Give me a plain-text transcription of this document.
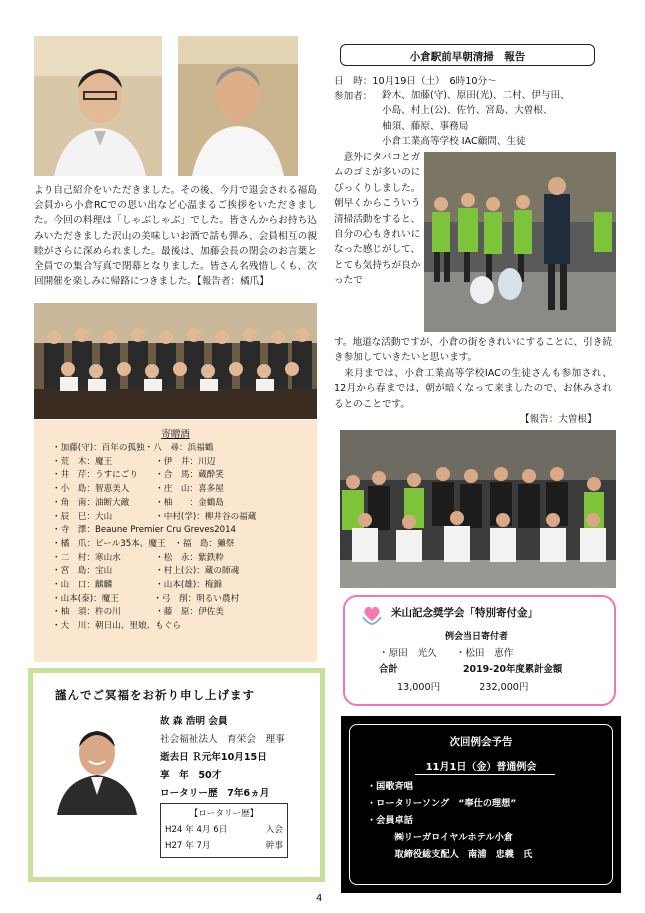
より自己紹介をいただきました。その後、今月で退会される福島会員から小倉RCでの思い出など心温まるご挨拶をいただきました。今回の料理は「しゃぶしゃぶ」でした。皆さんからお持ち込みいただきました沢山の美味しいお酒で話も弾み、会員相互の親睦がさらに深められました。最後は、加藤会長の閉会のお言葉と全員での集合写真で閉幕となりました。皆さん名残惜しくも、次回開催を楽しみに帰路につきました。【報告者：橘爪】
寄贈酒
・加藤(守)：百年の孤独・八　尋：浜福鶴
・荒　木：魔王　　　　　・伊　井：川辺
・井　芹：うすにごり　　・合　馬：蔵酔笑
・小　島：智恵美人　　　・庄　山：喜多屋
・角　南：油断大敵　　　・柚　　：金鶴島
・辰　巳：大山　　　　　・中村(学)：柳井谷の福蔵
・寺　澤：Beaune Premier Cru Greves2014
・橘　爪：ビール35本、魔王　・福　島：獺祭
・二　村：寒山水　　　　・松　永：紫鉄粋
・宮　島：宝山　　　　　・村上(公)：蔵の師魂
・山　口：麒麟　　　　　・山本(雄)：梅錦
・山本(泰)：魔王　　　　・弓　削：明るい農村
・柚　須：杵の川　　　　・藤　原：伊佐美
・大　川：朝日山、里娘、もぐら
謹んでご冥福をお祈り申し上げます
故 森 浩明 会員
社会福祉法人　育栄会　理事
逝去日 Ｒ元年10月15日
享　年　50才
ロータリー歴　7年6ヵ月
【ロータリー歴】
H24 年 4月 6日	入会
H27 年 7月	幹事
小倉駅前早朝清掃　報告
日　時：10月19日（土）　6時10分～
参加者： 鈴木、加藤(守)、原田(光)、二村、伊与田、
小島、村上(公)、佐竹、宮島、大曽根、
柚須、藤原、事務局
小倉工業高等学校 IAC顧問、生徒
　意外にタバコとガムのゴミが多いのにびっくりしました。朝早くからこういう清掃活動をすると、自分の心もきれいになった感じがして、とても気持ちが良かったで
す。地道な活動ですが、小倉の街をきれいにすることに、引き続き参加していきたいと思います。
　来月までは、小倉工業高等学校IACの生徒さんも参加され、12月から春までは、朝が暗くなって来ましたので、お休みされるとのことです。
【報告：大曽根】
米山記念奨学会「特別寄付金」
例会当日寄付者
・原田　光久　　・松田　恵作
合計	2019-20年度累計金額
13,000円	232,000円
次回例会予告
11月1日（金）普通例会
・国歌斉唱
・ロータリーソング　“奉仕の理想”
・会員卓話
　　　㈱リーガロイヤルホテル小倉
　　　取締役総支配人　南浦　忠義　氏
4
